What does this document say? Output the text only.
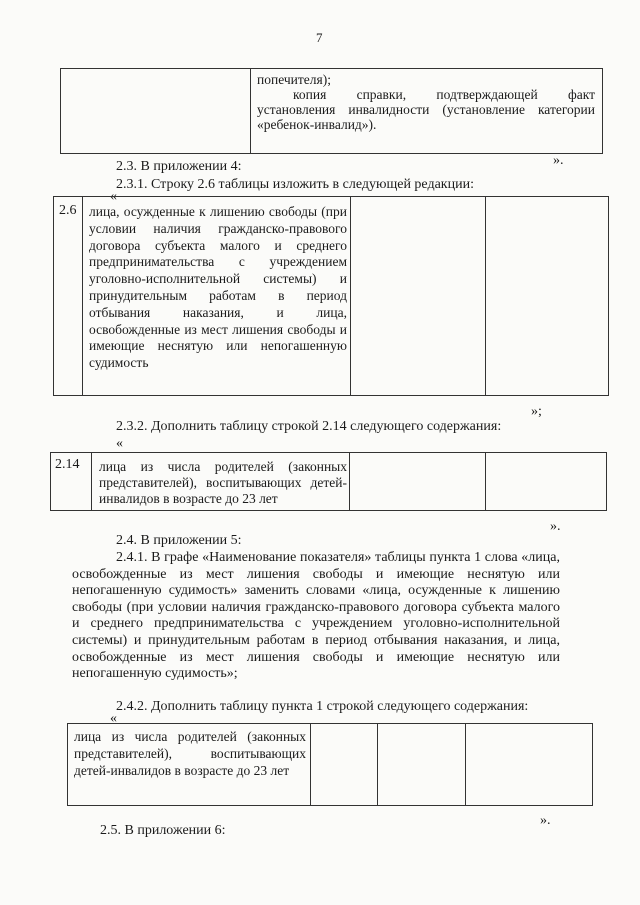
7
попечителя);
копия справки, подтверждающей факт установления инвалидности (установление категории «ребенок-инвалид»).
».
2.3. В приложении 4:
2.3.1. Строку 2.6 таблицы изложить в следующей редакции:
«
2.6 лица, осужденные к лишению свободы (при условии наличия гражданско-правового договора субъекта малого и среднего предпринимательства с учреждением уголовно-исполнительной системы) и принудительным работам в период отбывания наказания, и лица, освобожденные из мест лишения свободы и имеющие неснятую или непогашенную судимость
»;
2.3.2. Дополнить таблицу строкой 2.14 следующего содержания:
«
2.14 лица из числа родителей (законных представителей), воспитывающих детей-инвалидов в возрасте до 23 лет
».
2.4. В приложении 5:
2.4.1. В графе «Наименование показателя» таблицы пункта 1 слова «лица, освобожденные из мест лишения свободы и имеющие неснятую или непогашенную судимость» заменить словами «лица, осужденные к лишению свободы (при условии наличия гражданско-правового договора субъекта малого и среднего предпринимательства с учреждением уголовно-исполнительной системы) и принудительным работам в период отбывания наказания, и лица, освобожденные из мест лишения свободы и имеющие неснятую или непогашенную судимость»;
2.4.2. Дополнить таблицу пункта 1 строкой следующего содержания:
«
лица из числа родителей (законных представителей), воспитывающих детей-инвалидов в возрасте до 23 лет
».
2.5. В приложении 6:
